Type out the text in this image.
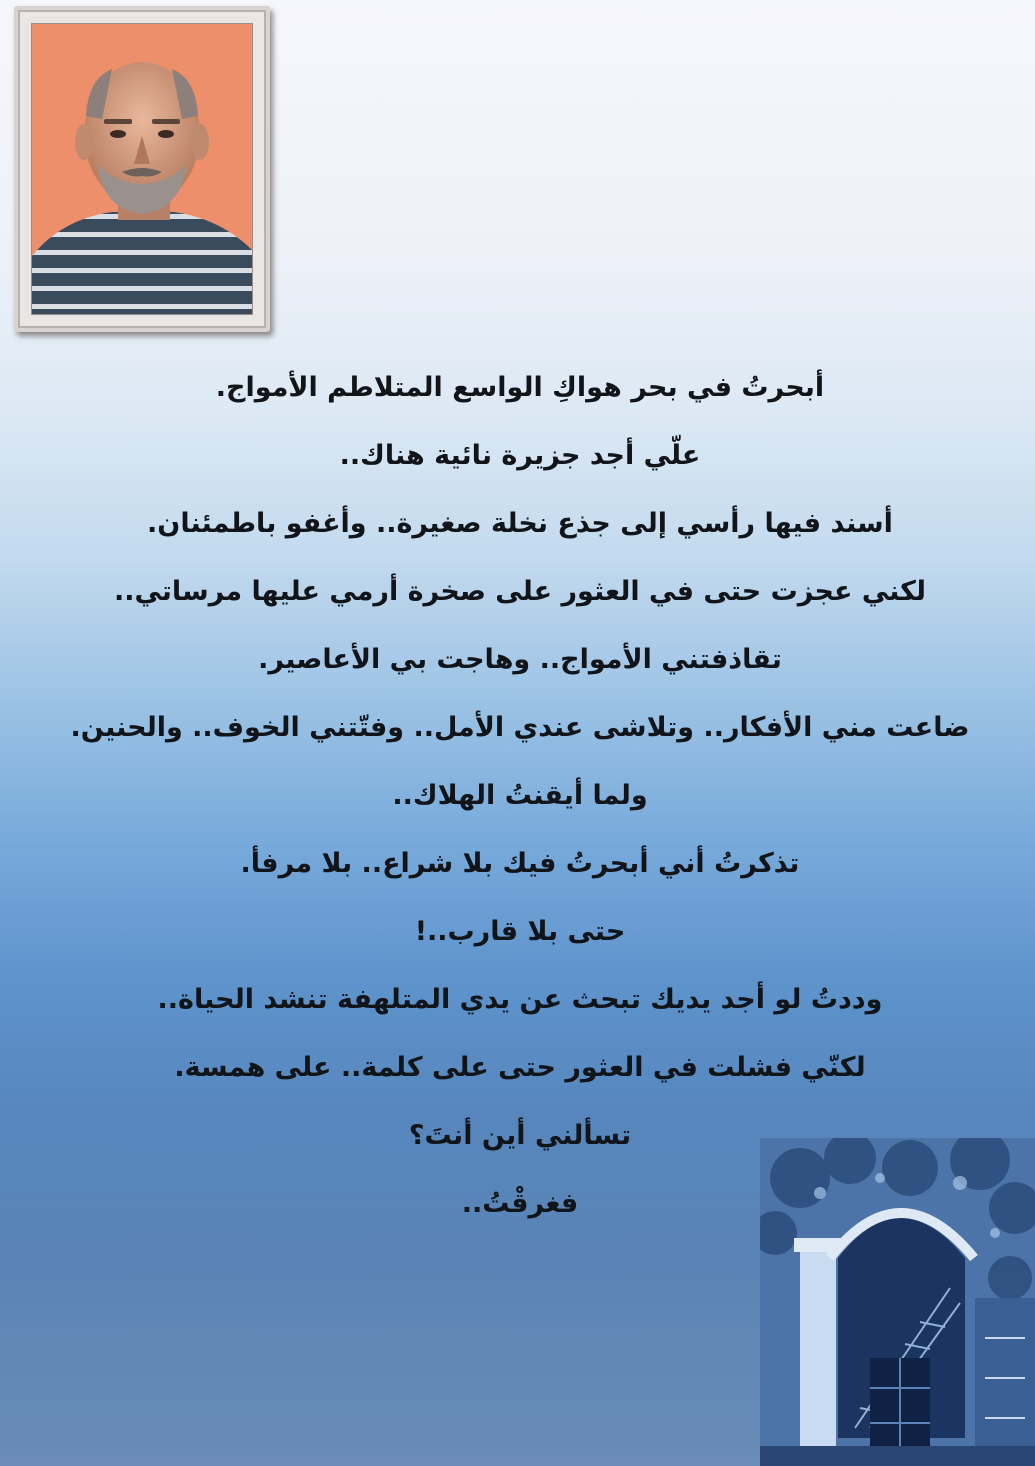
أبحرتُ في بحر هواكِ الواسع المتلاطم الأمواج.
علّي أجد جزيرة نائية هناك..
أسند فيها رأسي إلى جذع نخلة صغيرة.. وأغفو باطمئنان.
لكني عجزت حتى في العثور على صخرة أرمي عليها مرساتي..
تقاذفتني الأمواج.. وهاجت بي الأعاصير.
ضاعت مني الأفكار.. وتلاشى عندي الأمل.. وفتّتني الخوف.. والحنين.
ولما أيقنتُ الهلاك..
تذكرتُ أني أبحرتُ فيك بلا شراع.. بلا مرفأ.
حتى بلا قارب..!
وددتُ لو أجد يديك تبحث عن يدي المتلهفة تنشد الحياة..
لكنّي فشلت في العثور حتى على كلمة.. على همسة.
تسألني أين أنتَ؟
فغرقْتُ..
